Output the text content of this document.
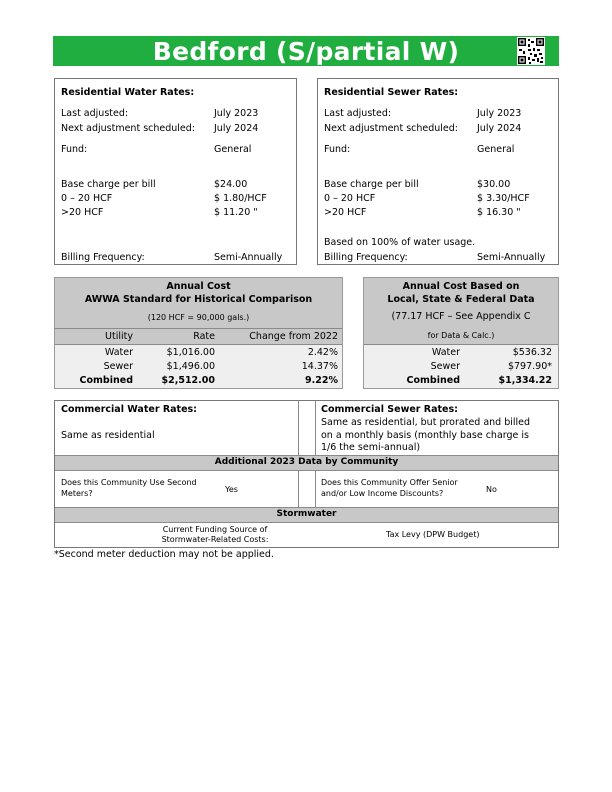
Bedford (S/partial W)
Residential Water Rates:
Last adjusted:	July 2023
Next adjustment scheduled: July 2024
Fund:	General
Base charge per bill	$24.00
0 – 20 HCF	$ 1.80/HCF
>20 HCF	$ 11.20 "
Billing Frequency:	Semi-Annually
Residential Sewer Rates:
Last adjusted:	July 2023
Next adjustment scheduled: July 2024
Fund:	General
Base charge per bill	$30.00
0 – 20 HCF	$ 3.30/HCF
>20 HCF	$ 16.30 "
Based on 100% of water usage.
Billing Frequency:	Semi-Annually
Annual Cost
AWWA Standard for Historical Comparison
(120 HCF = 90,000 gals.)
Utility	Rate	Change from 2022
Water	$1,016.00	2.42%
Sewer	$1,496.00	14.37%
Combined	$2,512.00	9.22%
Annual Cost Based on
Local, State & Federal Data
(77.17 HCF – See Appendix C
for Data & Calc.)
Water	$536.32
Sewer	$797.90*
Combined	$1,334.22
Commercial Water Rates:
Same as residential
Commercial Sewer Rates:
Same as residential, but prorated and billed
on a monthly basis (monthly base charge is
1/6 the semi-annual)
Additional 2023 Data by Community
Does this Community Use Second
Meters?	Yes
Does this Community Offer Senior
and/or Low Income Discounts?	No
Stormwater
Current Funding Source of
Stormwater-Related Costs:
Tax Levy (DPW Budget)
*Second meter deduction may not be applied.
